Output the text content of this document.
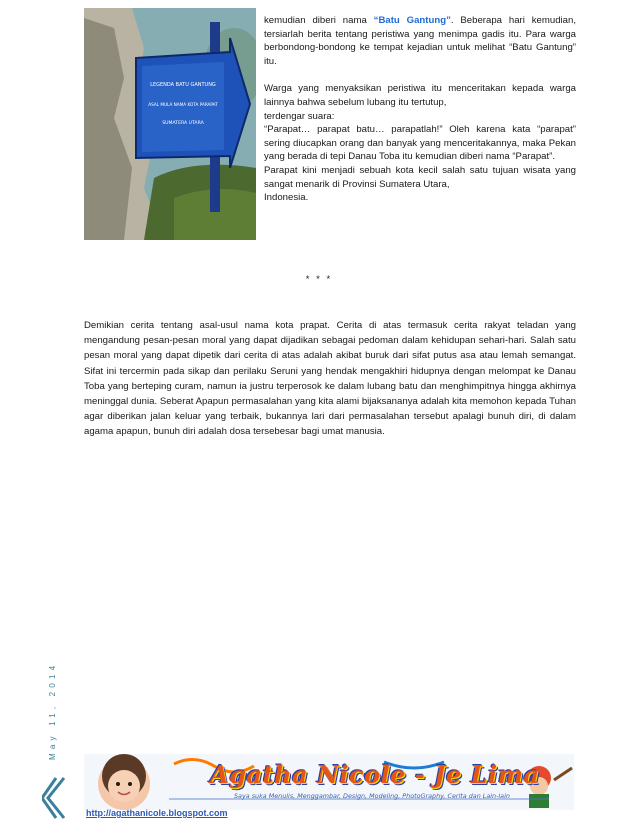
LEGENDA BATU GANTUNG
ASAL MULA NAMA KOTA PARAPAT
SUMATERA UTARA

kemudian diberi nama “Batu Gantung”. Beberapa hari kemudian, tersiarlah berita tentang peristiwa yang menimpa gadis itu. Para warga berbondong-bondong ke tempat kejadian untuk melihat “Batu Gantung” itu.

Warga yang menyaksikan peristiwa itu menceritakan kepada warga lainnya bahwa sebelum lubang itu tertutup,
terdengar suara:
“Parapat… parapat batu… parapatlah!” Oleh karena kata “parapat” sering diucapkan orang dan banyak yang menceritakannya, maka Pekan yang berada di tepi Danau Toba itu kemudian diberi nama “Parapat”.
Parapat kini menjadi sebuah kota kecil salah satu tujuan wisata yang sangat menarik di Provinsi Sumatera Utara,
Indonesia.

* * *
Demikian cerita tentang asal-usul nama kota prapat. Cerita di atas termasuk cerita rakyat teladan yang mengandung pesan-pesan moral yang dapat dijadikan sebagai pedoman dalam kehidupan sehari-hari. Salah satu pesan moral yang dapat dipetik dari cerita di atas adalah akibat buruk dari sifat putus asa atau lemah semangat. Sifat ini tercermin pada sikap dan perilaku Seruni yang hendak mengakhiri hidupnya dengan melompat ke Danau Toba yang berteping curam, namun ia justru terperosok ke dalam lubang batu dan menghimpitnya hingga akhirnya meninggal dunia. Seberat Apapun permasalahan yang kita alami bijaksananya adalah kita memohon kepada Tuhan agar diberikan jalan keluar yang terbaik, bukannya lari dari permasalahan tersebut apalagi bunuh diri, di dalam agama apapun, bunuh diri adalah dosa tersebesar bagi umat manusia.
May 11, 2014
Agatha Nicole - Je Lima
Saya suka Menulis, Menggambar, Design, Modeling, PhotoGraphy, Cerita dan Lain-lain
http://agathanicole.blogspot.com
